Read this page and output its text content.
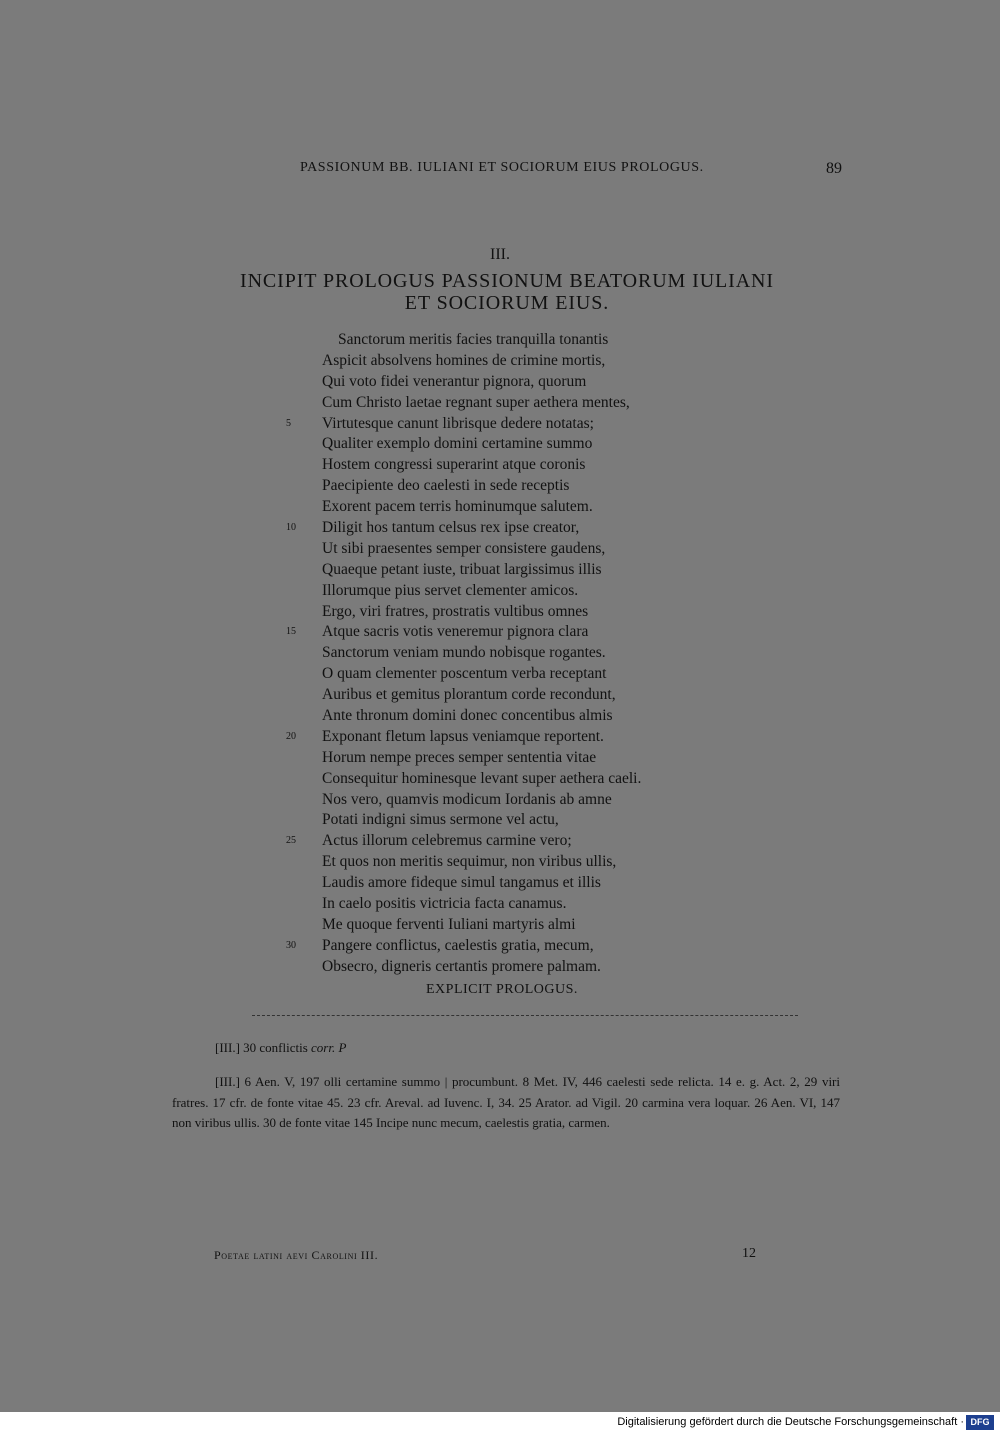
PASSIONUM BB. IULIANI ET SOCIORUM EIUS PROLOGUS.	89
III.
INCIPIT PROLOGUS PASSIONUM BEATORUM IULIANI
ET SOCIORUM EIUS.
Sanctorum meritis facies tranquilla tonantis
Aspicit absolvens homines de crimine mortis,
Qui voto fidei venerantur pignora, quorum
Cum Christo laetae regnant super aethera mentes,
5	Virtutesque canunt librisque dedere notatas;
Qualiter exemplo domini certamine summo
Hostem congressi superarint atque coronis
Paecipiente deo caelesti in sede receptis
Exorent pacem terris hominumque salutem.
10	Diligit hos tantum celsus rex ipse creator,
Ut sibi praesentes semper consistere gaudens,
Quaeque petant iuste, tribuat largissimus illis
Illorumque pius servet clementer amicos.
Ergo, viri fratres, prostratis vultibus omnes
15	Atque sacris votis veneremur pignora clara
Sanctorum veniam mundo nobisque rogantes.
O quam clementer poscentum verba receptant
Auribus et gemitus plorantum corde recondunt,
Ante thronum domini donec concentibus almis
20	Exponant fletum lapsus veniamque reportent.
Horum nempe preces semper sententia vitae
Consequitur hominesque levant super aethera caeli.
Nos vero, quamvis modicum Iordanis ab amne
Potati indigni simus sermone vel actu,
25	Actus illorum celebremus carmine vero;
Et quos non meritis sequimur, non viribus ullis,
Laudis amore fideque simul tangamus et illis
In caelo positis victricia facta canamus.
Me quoque ferventi Iuliani martyris almi
30	Pangere conflictus, caelestis gratia, mecum,
Obsecro, digneris certantis promere palmam.
EXPLICIT PROLOGUS.
[III.] 30 conflictis corr. P
[III.] 6 Aen. V, 197 olli certamine summo | procumbunt. 8 Met. IV, 446 caelesti sede relicta. 14 e. g. Act. 2, 29 viri fratres. 17 cfr. de fonte vitae 45. 23 cfr. Areval. ad Iuvenc. I, 34. 25 Arator. ad Vigil. 20 carmina vera loquar. 26 Aen. VI, 147 non viribus ullis. 30 de fonte vitae 145 Incipe nunc mecum, caelestis gratia, carmen.
Poetae latini aevi Carolini III.	12
Digitalisierung gefördert durch die Deutsche Forschungsgemeinschaft · DFG
